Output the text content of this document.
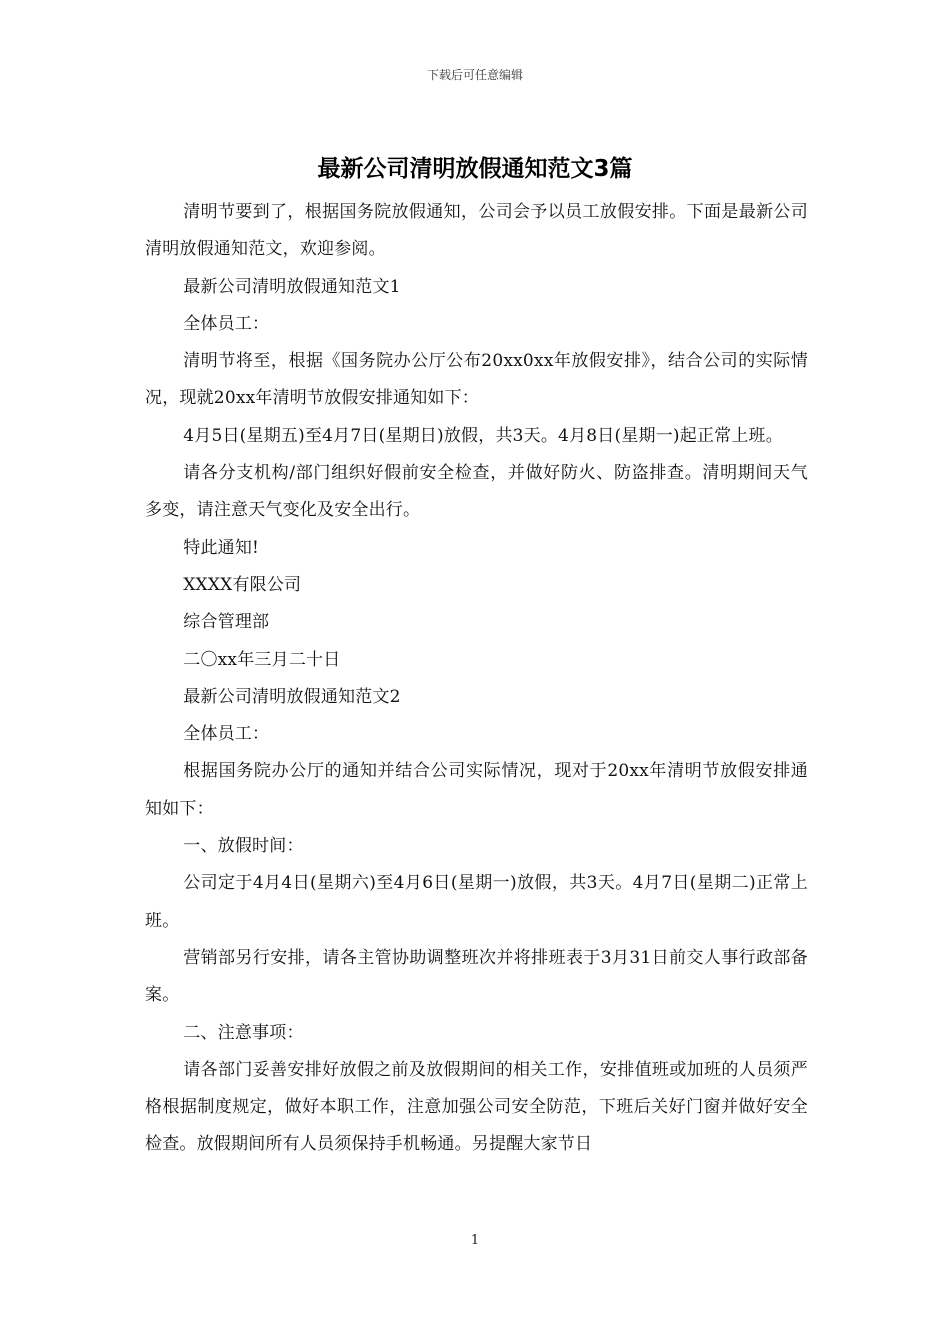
下载后可任意编辑
最新公司清明放假通知范文3篇

清明节要到了，根据国务院放假通知，公司会予以员工放假安排。下面是最新公司清明放假通知范文，欢迎参阅。

最新公司清明放假通知范文1

全体员工：

清明节将至，根据《国务院办公厅公布20xx0xx年放假安排》，结合公司的实际情况，现就20xx年清明节放假安排通知如下：

4月5日(星期五)至4月7日(星期日)放假，共3天。4月8日(星期一)起正常上班。

请各分支机构/部门组织好假前安全检查，并做好防火、防盗排查。清明期间天气多变，请注意天气变化及安全出行。

特此通知!

XXXX有限公司

综合管理部

二〇xx年三月二十日

最新公司清明放假通知范文2

全体员工：

根据国务院办公厅的通知并结合公司实际情况，现对于20xx年清明节放假安排通知如下：

一、放假时间：

公司定于4月4日(星期六)至4月6日(星期一)放假，共3天。4月7日(星期二)正常上班。

营销部另行安排，请各主管协助调整班次并将排班表于3月31日前交人事行政部备案。

二、注意事项：

请各部门妥善安排好放假之前及放假期间的相关工作，安排值班或加班的人员须严格根据制度规定，做好本职工作，注意加强公司安全防范，下班后关好门窗并做好安全检查。放假期间所有人员须保持手机畅通。另提醒大家节日

1
